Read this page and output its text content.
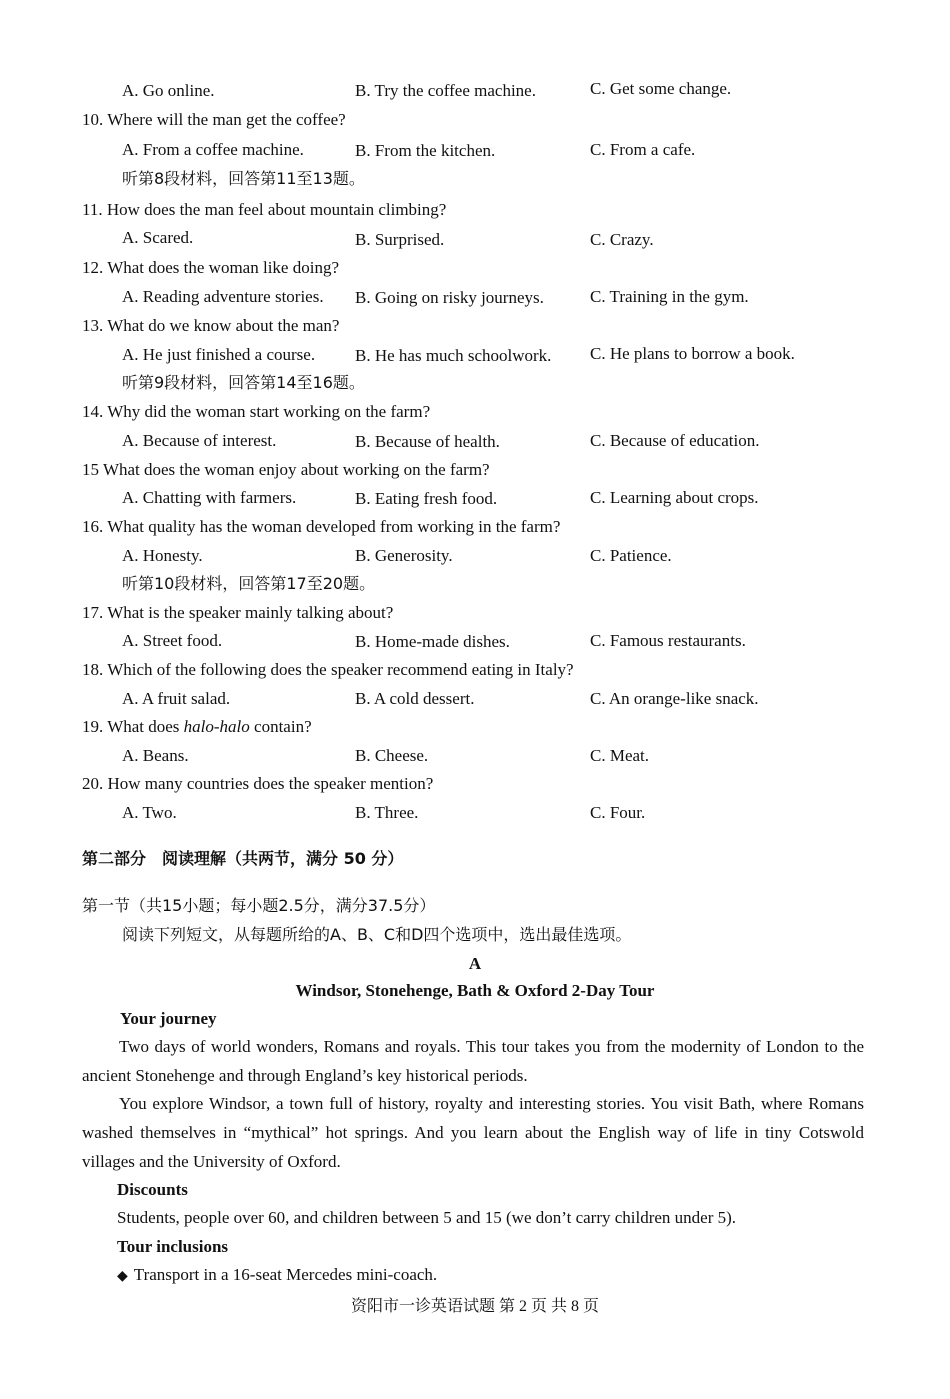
A. Go online.	B. Try the coffee machine.	C. Get some change.
10. Where will the man get the coffee?
A. From a coffee machine.	B. From the kitchen.	C. From a cafe.
听第8段材料，回答第11至13题。
11. How does the man feel about mountain climbing?
A. Scared.	B. Surprised.	C. Crazy.
12. What does the woman like doing?
A. Reading adventure stories. B. Going on risky journeys.	C. Training in the gym.
13. What do we know about the man?
A. He just finished a course. B. He has much schoolwork. C. He plans to borrow a book.
听第9段材料，回答第14至16题。
14. Why did the woman start working on the farm?
A. Because of interest.	B. Because of health.	C. Because of education.
15 What does the woman enjoy about working on the farm?
A. Chatting with farmers.	B. Eating fresh food.	C. Learning about crops.
16. What quality has the woman developed from working in the farm?
A. Honesty.	B. Generosity.	C. Patience.
听第10段材料，回答第17至20题。
17. What is the speaker mainly talking about?
A. Street food.	B. Home-made dishes.	C. Famous restaurants.
18. Which of the following does the speaker recommend eating in Italy?
A. A fruit salad.	B. A cold dessert.	C. An orange-like snack.
19. What does halo-halo contain?
A. Beans.	B. Cheese.	C. Meat.
20. How many countries does the speaker mention?
A. Two.	B. Three.	C. Four.
第二部分　阅读理解（共两节，满分 50 分）
第一节（共15小题；每小题2.5分，满分37.5分）
阅读下列短文，从每题所给的A、B、C和D四个选项中，选出最佳选项。
A
Windsor, Stonehenge, Bath & Oxford 2-Day Tour
Your journey
Two days of world wonders, Romans and royals. This tour takes you from the modernity of London to the ancient Stonehenge and through England’s key historical periods.
You explore Windsor, a town full of history, royalty and interesting stories. You visit Bath, where Romans washed themselves in “mythical” hot springs. And you learn about the English way of life in tiny Cotswold villages and the University of Oxford.
Discounts
Students, people over 60, and children between 5 and 15 (we don’t carry children under 5).
Tour inclusions
◆ Transport in a 16-seat Mercedes mini-coach.
资阳市一诊英语试题 第 2 页 共 8 页
